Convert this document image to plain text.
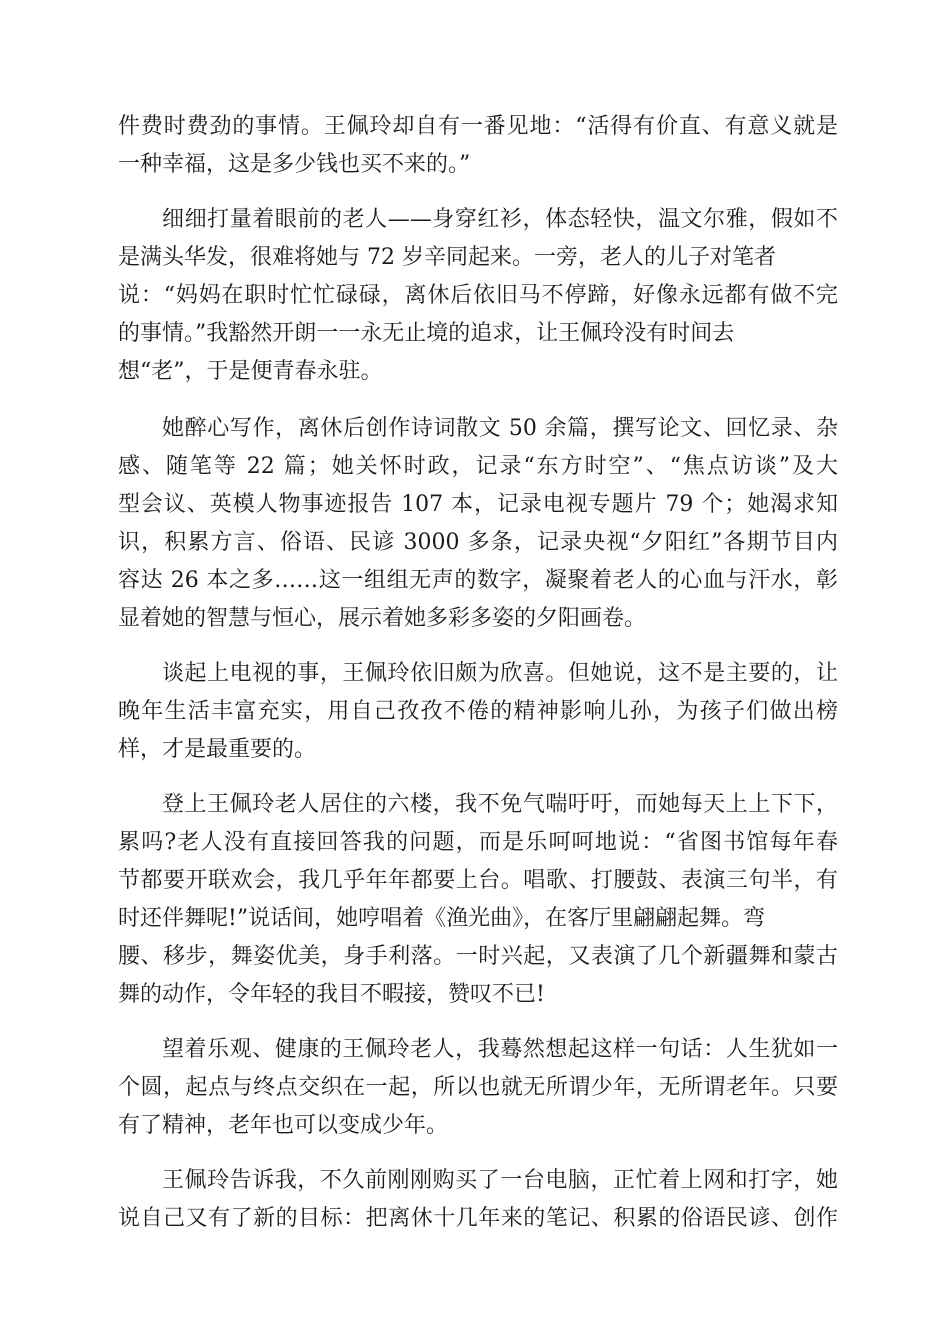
件费时费劲的事情。王佩玲却自有一番见地：“活得有价直、有意义就是
一种幸福，这是多少钱也买不来的。”

细细打量着眼前的老人——身穿红衫，体态轻快，温文尔雅，假如不
是满头华发，很难将她与 72 岁辛同起来。一旁，老人的儿子对笔者
说：“妈妈在职时忙忙碌碌，离休后依旧马不停蹄，好像永远都有做不完
的事情。”我豁然开朗一一永无止境的追求，让王佩玲没有时间去
想“老”，于是便青春永驻。

她醉心写作，离休后创作诗词散文 50 余篇，撰写论文、回忆录、杂
感、随笔等 22 篇；她关怀时政，记录“东方时空”、“焦点访谈”及大
型会议、英模人物事迹报告 107 本，记录电视专题片 79 个；她渴求知
识，积累方言、俗语、民谚 3000 多条，记录央视“夕阳红”各期节目内
容达 26 本之多……这一组组无声的数字，凝聚着老人的心血与汗水，彰
显着她的智慧与恒心，展示着她多彩多姿的夕阳画卷。

谈起上电视的事，王佩玲依旧颇为欣喜。但她说，这不是主要的，让
晚年生活丰富充实，用自己孜孜不倦的精神影响儿孙，为孩子们做出榜
样，才是最重要的。

登上王佩玲老人居住的六楼，我不免气喘吁吁，而她每天上上下下，
累吗?老人没有直接回答我的问题，而是乐呵呵地说：“省图书馆每年春
节都要开联欢会，我几乎年年都要上台。唱歌、打腰鼓、表演三句半，有
时还伴舞呢!”说话间，她哼唱着《渔光曲》，在客厅里翩翩起舞。弯
腰、移步，舞姿优美，身手利落。一时兴起，又表演了几个新疆舞和蒙古
舞的动作，令年轻的我目不暇接，赞叹不已!

望着乐观、健康的王佩玲老人，我蓦然想起这样一句话：人生犹如一
个圆，起点与终点交织在一起，所以也就无所谓少年，无所谓老年。只要
有了精神，老年也可以变成少年。

王佩玲告诉我，不久前刚刚购买了一台电脑，正忙着上网和打字，她
说自己又有了新的目标：把离休十几年来的笔记、积累的俗语民谚、创作
